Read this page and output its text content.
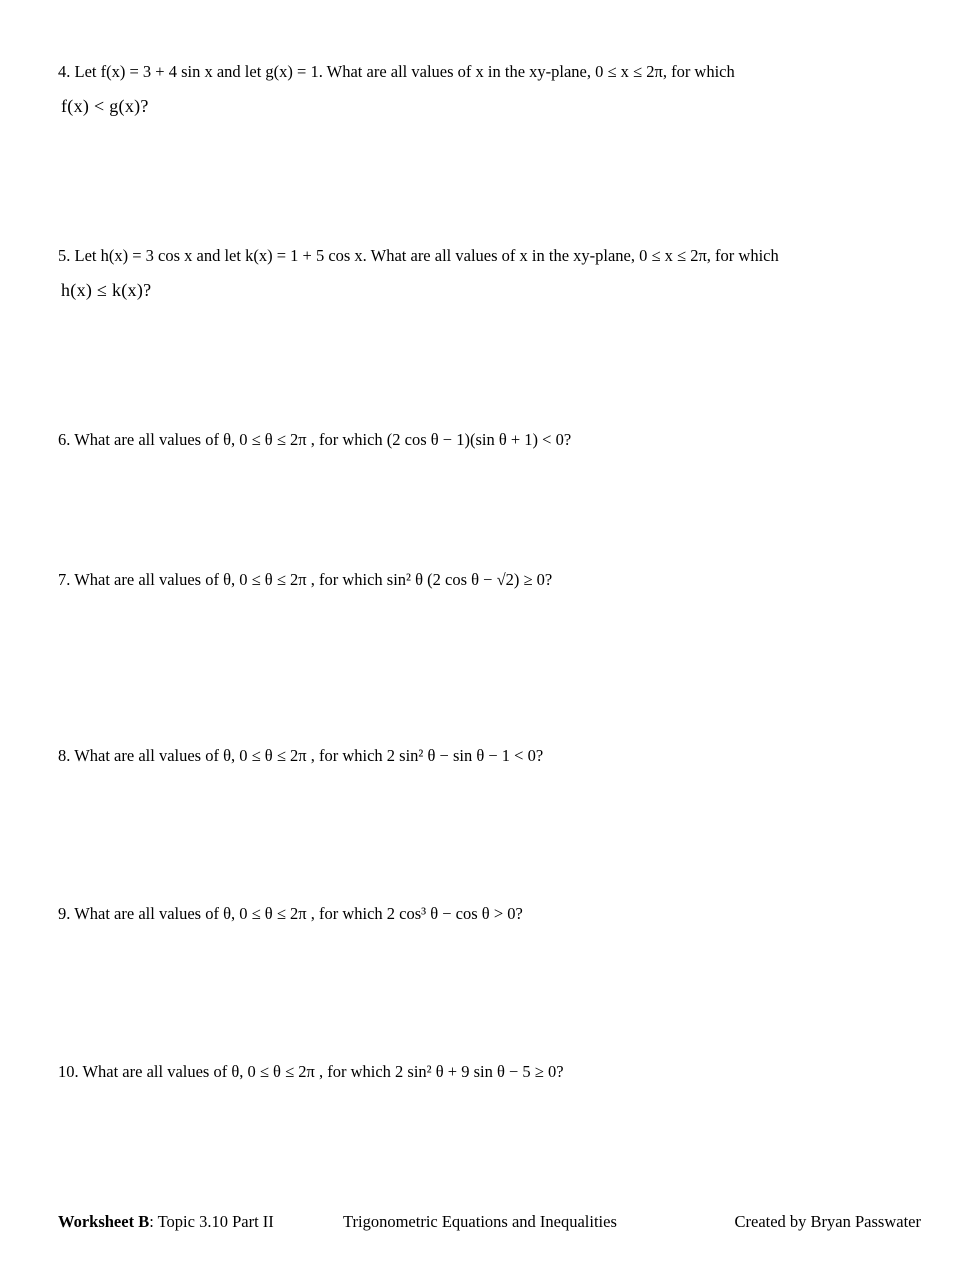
4. Let f(x) = 3 + 4 sin x and let g(x) = 1. What are all values of x in the xy-plane, 0 ≤ x ≤ 2π, for which
f(x) < g(x)?
5. Let h(x) = 3 cos x and let k(x) = 1 + 5 cos x. What are all values of x in the xy-plane, 0 ≤ x ≤ 2π, for which
h(x) ≤ k(x)?
6. What are all values of θ, 0 ≤ θ ≤ 2π , for which (2 cos θ − 1)(sin θ + 1) < 0?
7. What are all values of θ, 0 ≤ θ ≤ 2π , for which sin² θ (2 cos θ − √2) ≥ 0?
8. What are all values of θ, 0 ≤ θ ≤ 2π , for which 2 sin² θ − sin θ − 1 < 0?
9. What are all values of θ, 0 ≤ θ ≤ 2π , for which 2 cos³ θ − cos θ > 0?
10. What are all values of θ, 0 ≤ θ ≤ 2π , for which 2 sin² θ + 9 sin θ − 5 ≥ 0?
Worksheet B: Topic 3.10 Part II	Trigonometric Equations and Inequalities	Created by Bryan Passwater
